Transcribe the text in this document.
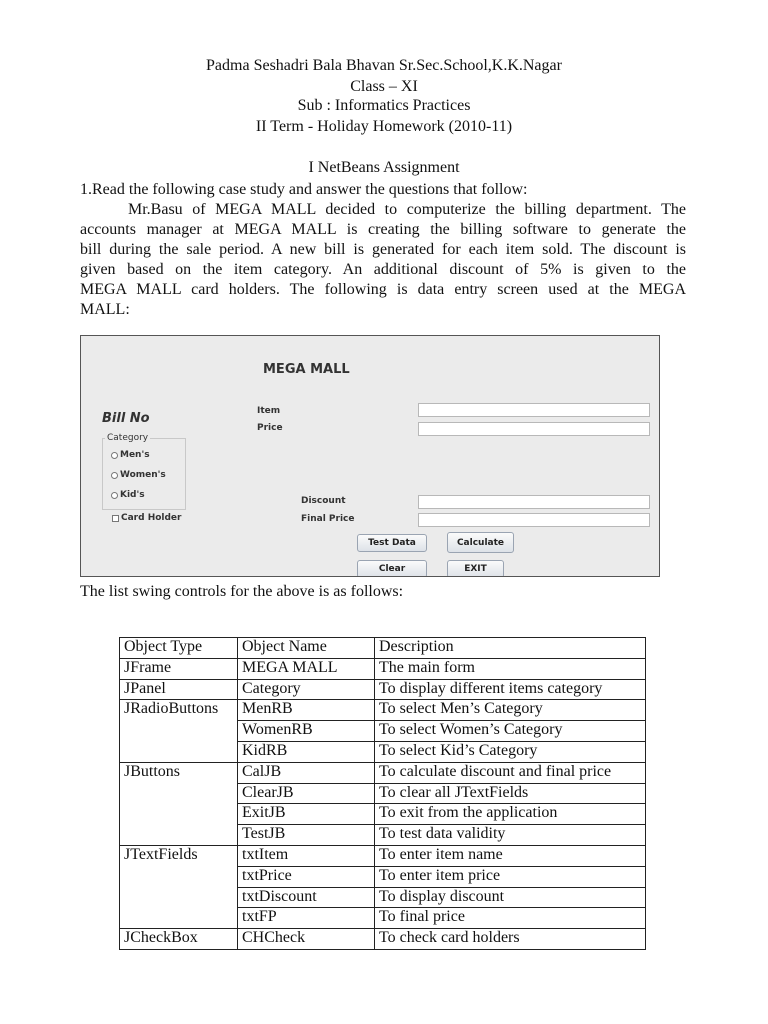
Padma Seshadri Bala Bhavan Sr.Sec.School,K.K.Nagar
Class – XI
Sub : Informatics Practices
II Term - Holiday Homework (2010-11)
I NetBeans Assignment
1.Read the following case study and answer the questions that follow:
Mr.Basu of MEGA MALL decided to computerize the billing department. The
accounts manager at MEGA MALL is creating the billing software to generate the
bill during the sale period. A new bill is generated for each item sold. The discount is
given based on the item category. An additional discount of 5% is given to the
MEGA MALL card holders. The following is data entry screen used at the MEGA
MALL:
MEGA MALL
Bill No	Item
Price
Category
Men's
Women's
Kid's
Card Holder
Discount
Final Price
Test Data	Calculate
Clear	EXIT
The list swing controls for the above is as follows:
Object Type	Object Name	Description
JFrame	MEGA MALL	The main form
JPanel	Category	To display different items category
JRadioButtons	MenRB	To select Men’s Category
	WomenRB	To select Women’s Category
	KidRB	To select Kid’s Category
JButtons	CalJB	To calculate discount and final price
	ClearJB	To clear all JTextFields
	ExitJB	To exit from the application
	TestJB	To test data validity
JTextFields	txtItem	To enter item name
	txtPrice	To enter item price
	txtDiscount	To display discount
	txtFP	To final price
JCheckBox	CHCheck	To check card holders
